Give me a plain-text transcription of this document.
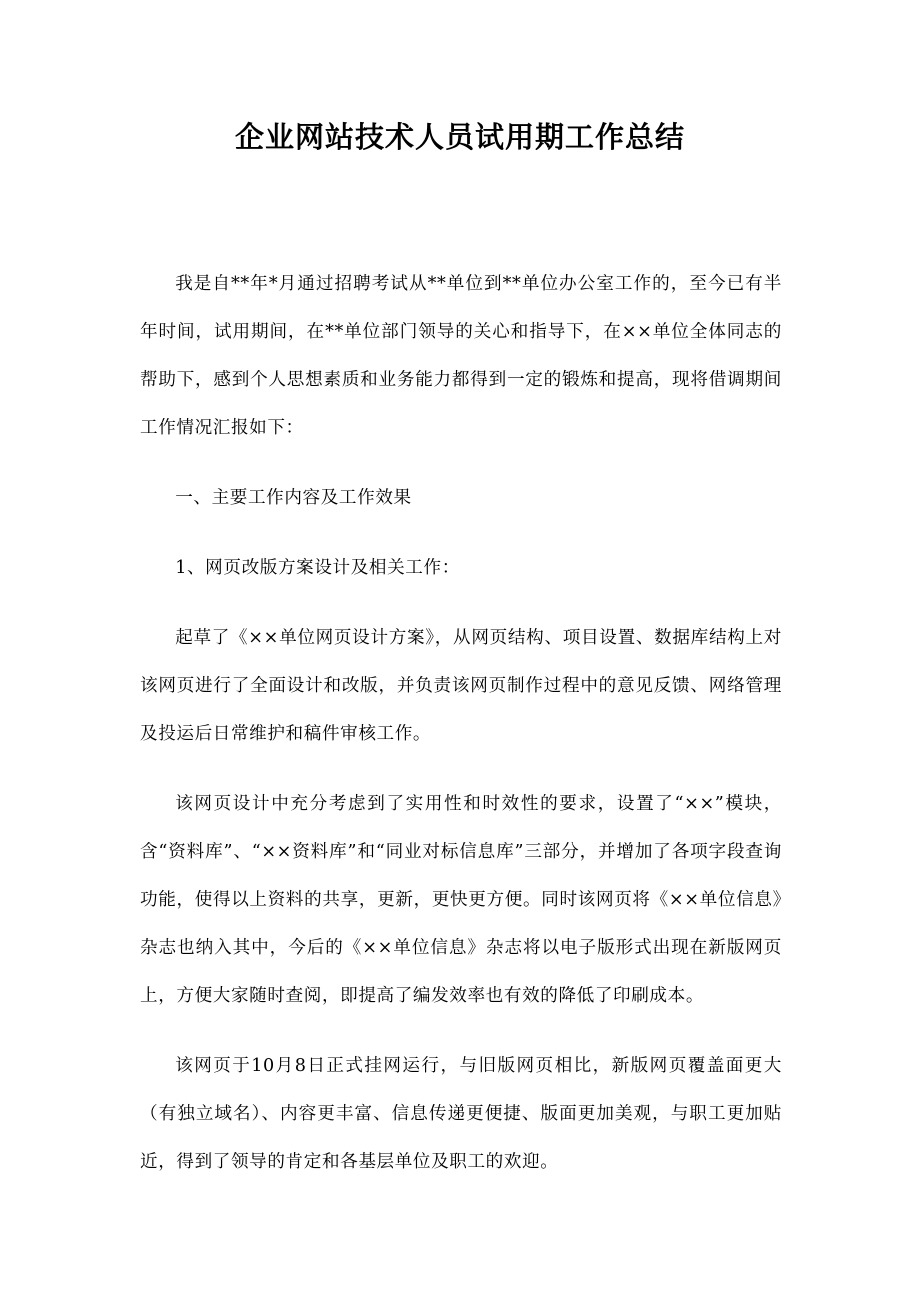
企业网站技术人员试用期工作总结

我是自**年*月通过招聘考试从**单位到**单位办公室工作的，至今已有半年时间，试用期间，在**单位部门领导的关心和指导下，在××单位全体同志的帮助下，感到个人思想素质和业务能力都得到一定的锻炼和提高，现将借调期间工作情况汇报如下：

一、主要工作内容及工作效果

1、网页改版方案设计及相关工作：

起草了《××单位网页设计方案》，从网页结构、项目设置、数据库结构上对该网页进行了全面设计和改版，并负责该网页制作过程中的意见反馈、网络管理及投运后日常维护和稿件审核工作。

该网页设计中充分考虑到了实用性和时效性的要求，设置了“××”模块，含“资料库”、“××资料库”和“同业对标信息库”三部分，并增加了各项字段查询功能，使得以上资料的共享，更新，更快更方便。同时该网页将《××单位信息》杂志也纳入其中，今后的《××单位信息》杂志将以电子版形式出现在新版网页上，方便大家随时查阅，即提高了编发效率也有效的降低了印刷成本。

该网页于10月8日正式挂网运行，与旧版网页相比，新版网页覆盖面更大（有独立域名）、内容更丰富、信息传递更便捷、版面更加美观，与职工更加贴近，得到了领导的肯定和各基层单位及职工的欢迎。
